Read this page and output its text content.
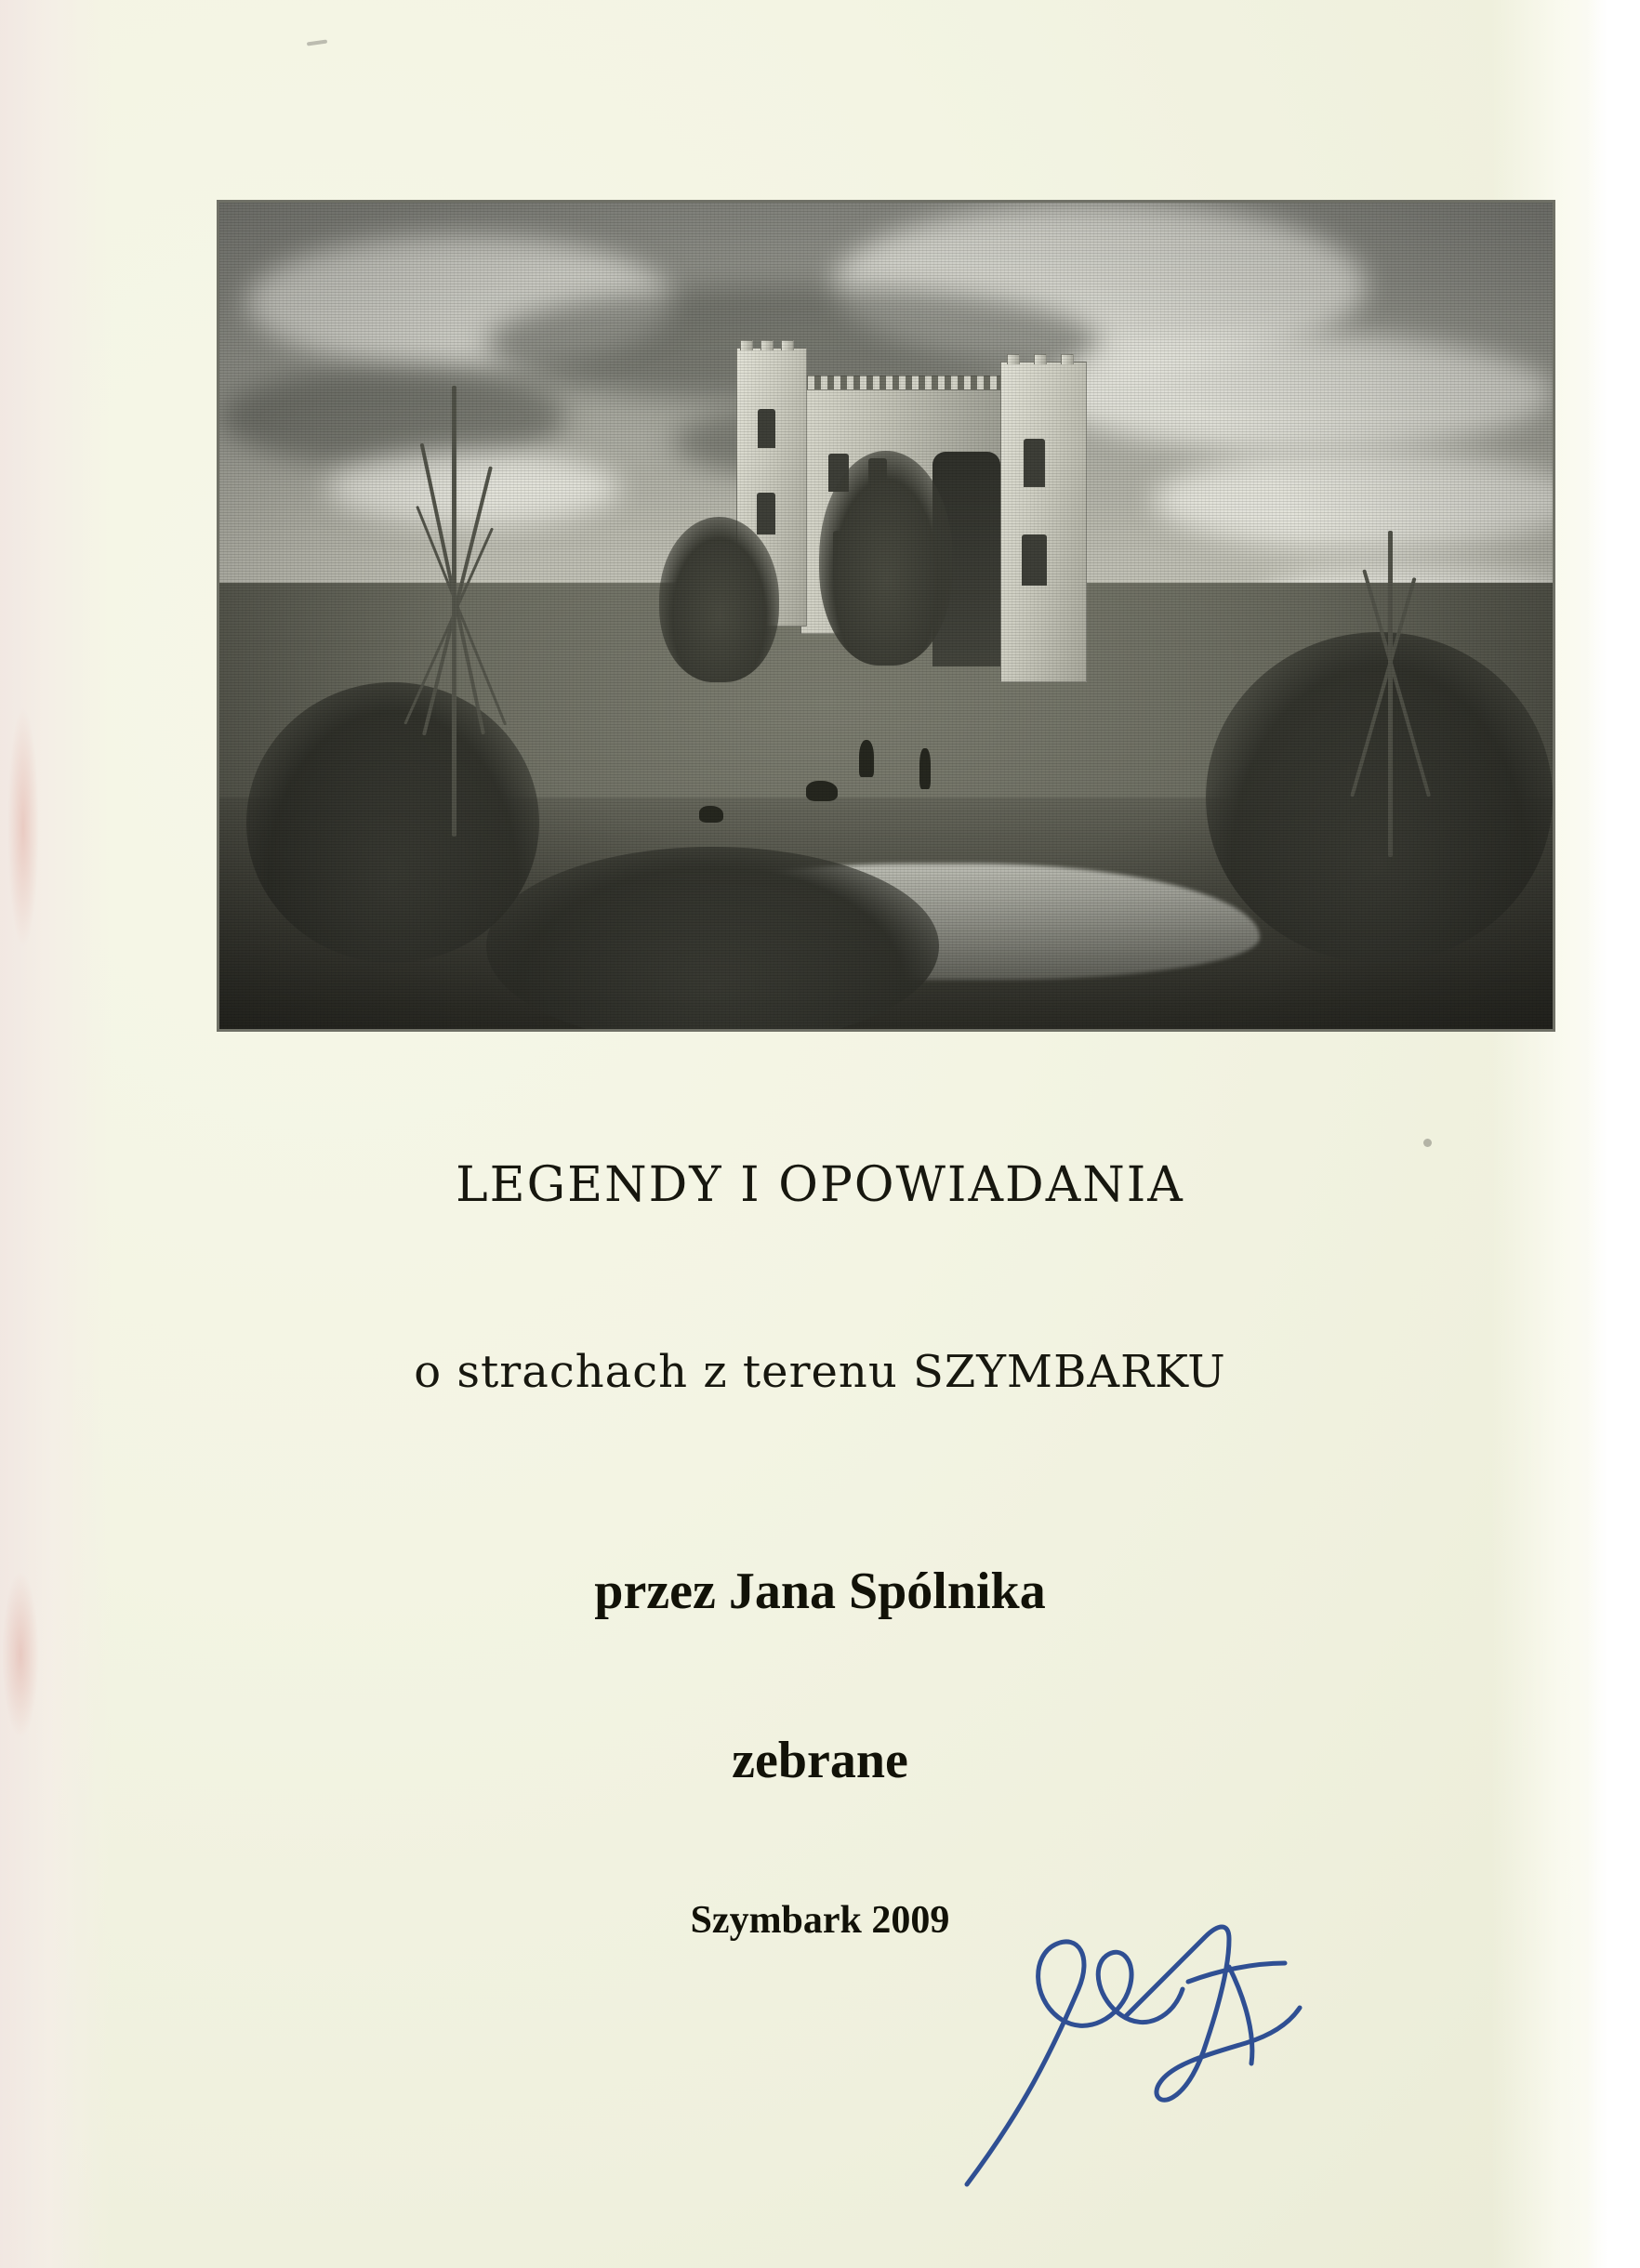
LEGENDY I OPOWIADANIA
o strachach z terenu SZYMBARKU
przez Jana Spólnika
zebrane
Szymbark 2009
